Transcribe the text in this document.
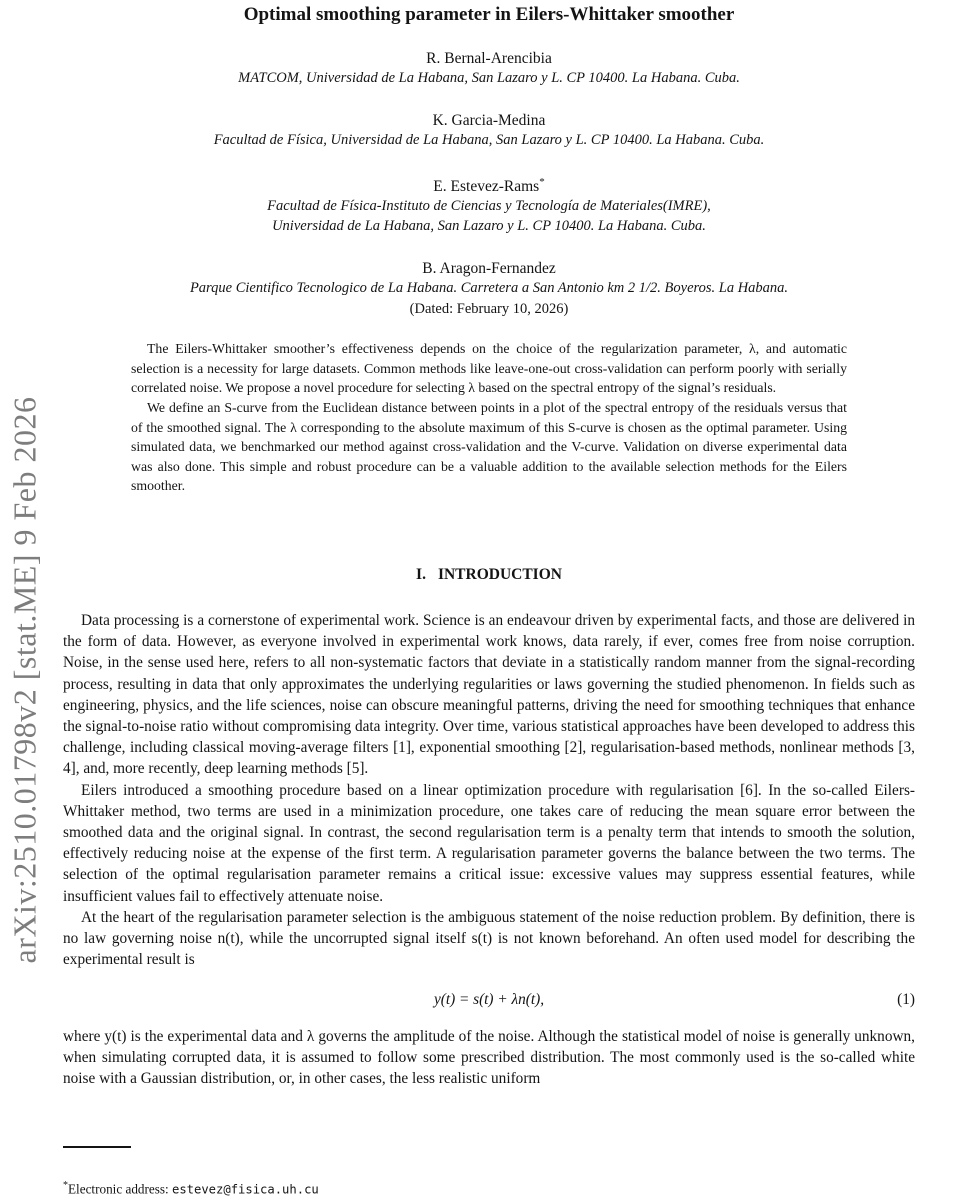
arXiv:2510.01798v2 [stat.ME] 9 Feb 2026
Optimal smoothing parameter in Eilers-Whittaker smoother
R. Bernal-Arencibia
MATCOM, Universidad de La Habana, San Lazaro y L. CP 10400. La Habana. Cuba.
K. Garcia-Medina
Facultad de Física, Universidad de La Habana, San Lazaro y L. CP 10400. La Habana. Cuba.
E. Estevez-Rams*
Facultad de Física-Instituto de Ciencias y Tecnología de Materiales(IMRE),
Universidad de La Habana, San Lazaro y L. CP 10400. La Habana. Cuba.
B. Aragon-Fernandez
Parque Cientifico Tecnologico de La Habana. Carretera a San Antonio km 2 1/2. Boyeros. La Habana.
(Dated: February 10, 2026)

The Eilers-Whittaker smoother’s effectiveness depends on the choice of the regularization parameter, λ, and automatic selection is a necessity for large datasets. Common methods like leave-one-out cross-validation can perform poorly with serially correlated noise. We propose a novel procedure for selecting λ based on the spectral entropy of the signal’s residuals.

We define an S-curve from the Euclidean distance between points in a plot of the spectral entropy of the residuals versus that of the smoothed signal. The λ corresponding to the absolute maximum of this S-curve is chosen as the optimal parameter. Using simulated data, we benchmarked our method against cross-validation and the V-curve. Validation on diverse experimental data was also done. This simple and robust procedure can be a valuable addition to the available selection methods for the Eilers smoother.

I. INTRODUCTION

Data processing is a cornerstone of experimental work. Science is an endeavour driven by experimental facts, and those are delivered in the form of data. However, as everyone involved in experimental work knows, data rarely, if ever, comes free from noise corruption. Noise, in the sense used here, refers to all non-systematic factors that deviate in a statistically random manner from the signal-recording process, resulting in data that only approximates the underlying regularities or laws governing the studied phenomenon. In fields such as engineering, physics, and the life sciences, noise can obscure meaningful patterns, driving the need for smoothing techniques that enhance the signal-to-noise ratio without compromising data integrity. Over time, various statistical approaches have been developed to address this challenge, including classical moving-average filters [1], exponential smoothing [2], regularisation-based methods, nonlinear methods [3, 4], and, more recently, deep learning methods [5].

Eilers introduced a smoothing procedure based on a linear optimization procedure with regularisation [6]. In the so-called Eilers-Whittaker method, two terms are used in a minimization procedure, one takes care of reducing the mean square error between the smoothed data and the original signal. In contrast, the second regularisation term is a penalty term that intends to smooth the solution, effectively reducing noise at the expense of the first term. A regularisation parameter governs the balance between the two terms. The selection of the optimal regularisation parameter remains a critical issue: excessive values may suppress essential features, while insufficient values fail to effectively attenuate noise.

At the heart of the regularisation parameter selection is the ambiguous statement of the noise reduction problem. By definition, there is no law governing noise n(t), while the uncorrupted signal itself s(t) is not known beforehand. An often used model for describing the experimental result is

y(t) = s(t) + λn(t),	(1)

where y(t) is the experimental data and λ governs the amplitude of the noise. Although the statistical model of noise is generally unknown, when simulating corrupted data, it is assumed to follow some prescribed distribution. The most commonly used is the so-called white noise with a Gaussian distribution, or, in other cases, the less realistic uniform

*Electronic address: estevez@fisica.uh.cu
